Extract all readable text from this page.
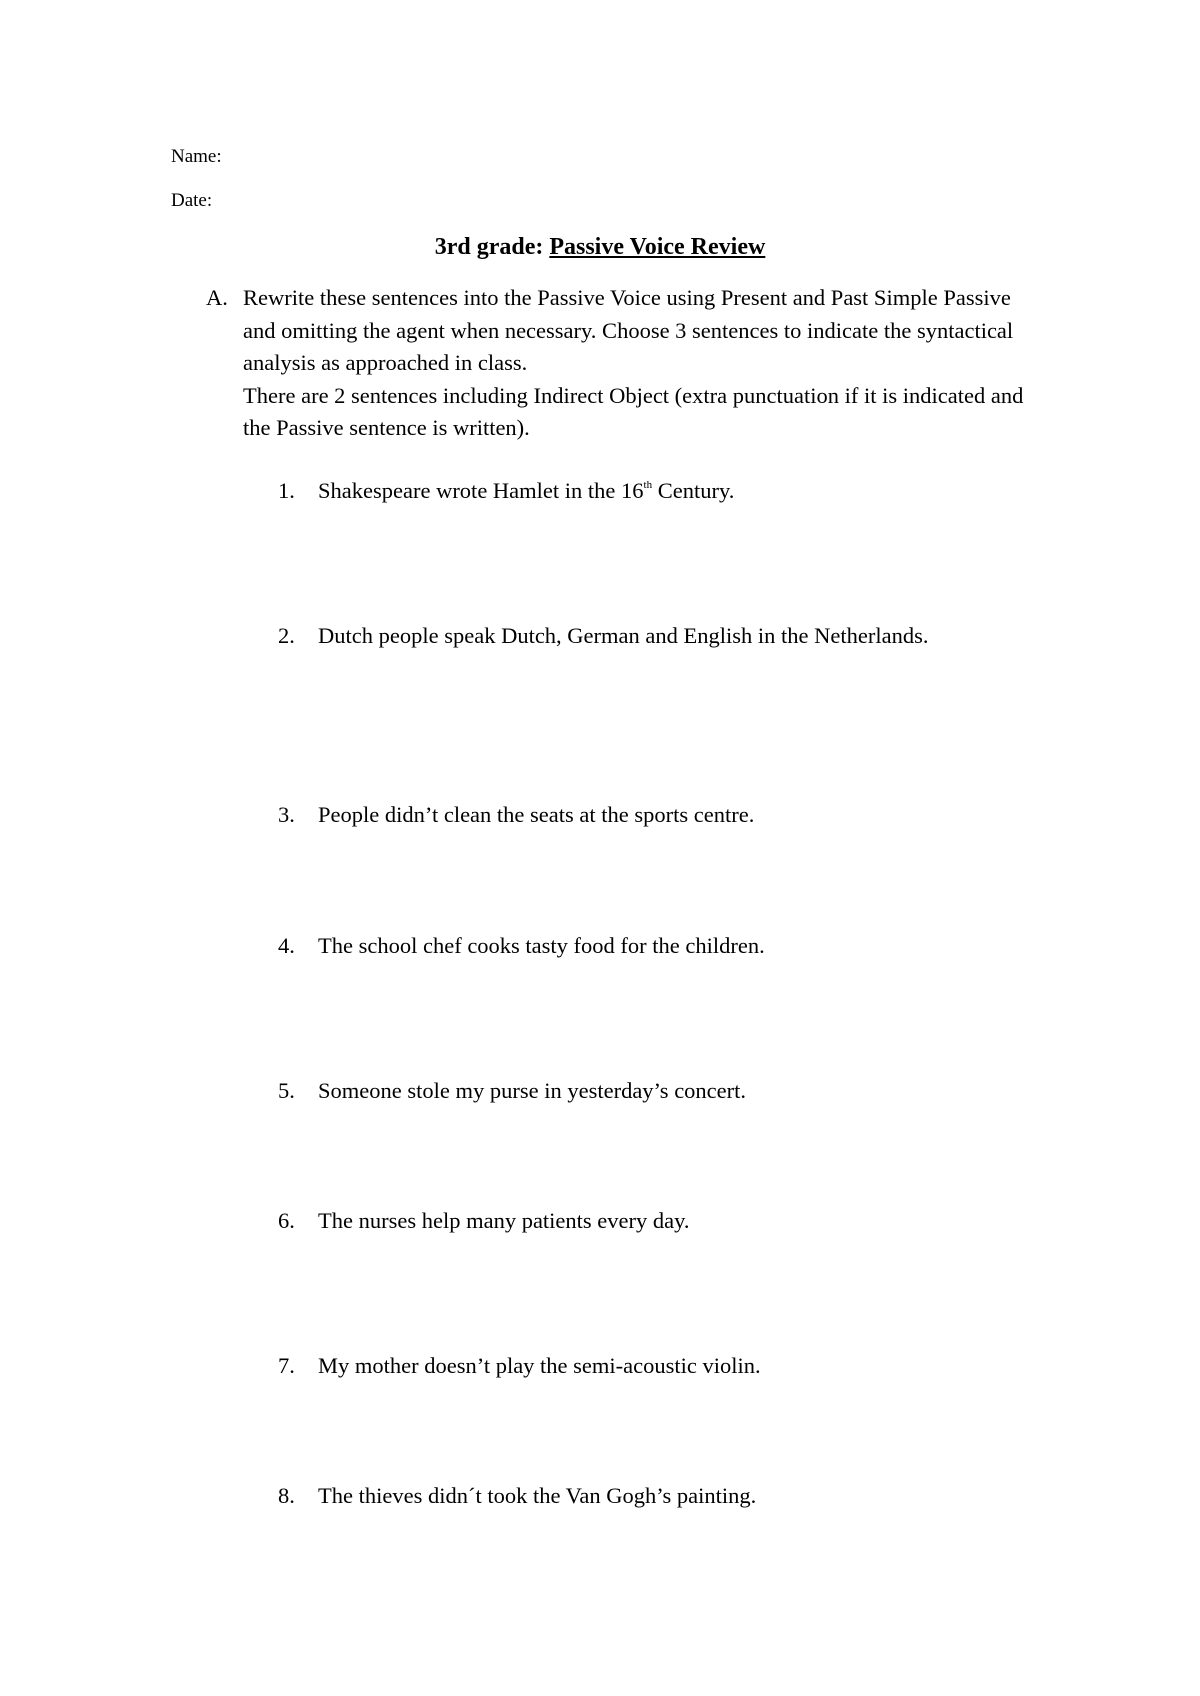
Name:
Date:
3rd grade: Passive Voice Review
A. Rewrite these sentences into the Passive Voice using Present and Past Simple Passive and omitting the agent when necessary. Choose 3 sentences to indicate the syntactical analysis as approached in class.

There are 2 sentences including Indirect Object (extra punctuation if it is indicated and the Passive sentence is written).

1. Shakespeare wrote Hamlet in the 16th Century.
2. Dutch people speak Dutch, German and English in the Netherlands.
3. People didn’t clean the seats at the sports centre.
4. The school chef cooks tasty food for the children.
5. Someone stole my purse in yesterday’s concert.
6. The nurses help many patients every day.
7. My mother doesn’t play the semi-acoustic violin.
8. The thieves didn´t took the Van Gogh’s painting.
